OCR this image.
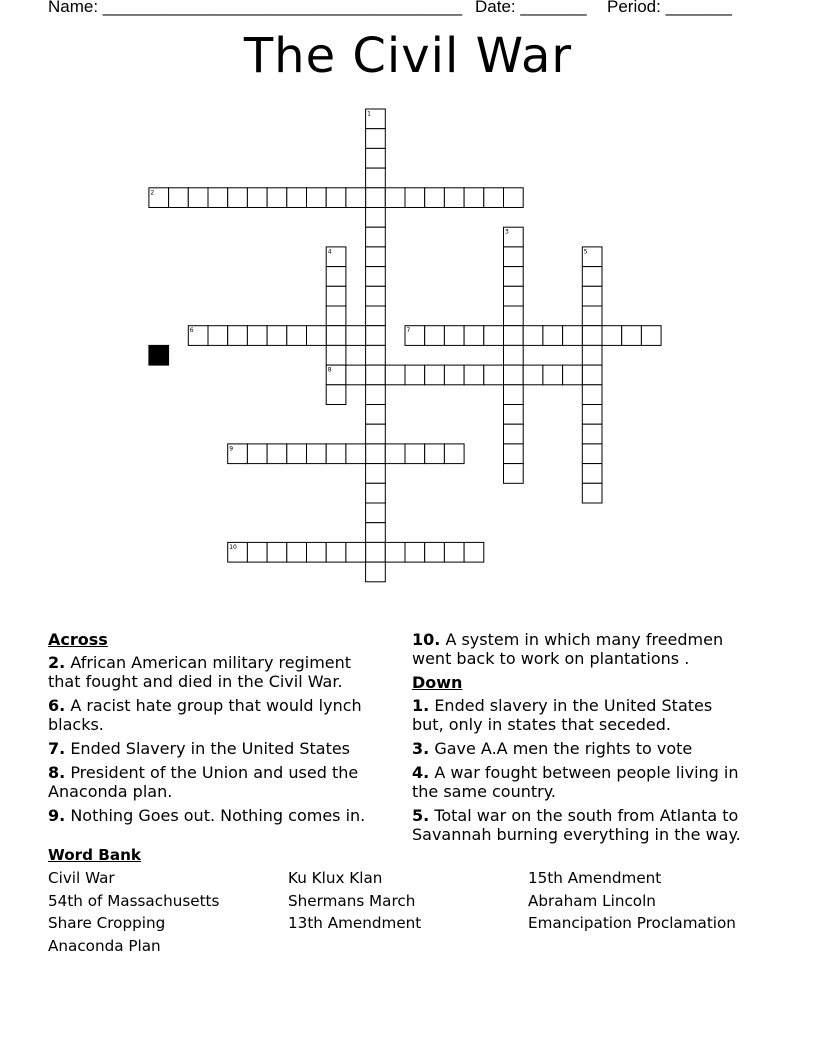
Name: ______________________________________ Date: _______ Period: _______
The Civil War
1
2
3
4	5
6	7
8
9
10
Across
2. African American military regiment that fought and died in the Civil War.
6. A racist hate group that would lynch blacks.
7. Ended Slavery in the United States
8. President of the Union and used the Anaconda plan.
9. Nothing Goes out. Nothing comes in.
10. A system in which many freedmen went back to work on plantations .
Down
1. Ended slavery in the United States but, only in states that seceded.
3. Gave A.A men the rights to vote
4. A war fought between people living in the same country.
5. Total war on the south from Atlanta to Savannah burning everything in the way.
Word Bank
Civil War
54th of Massachusetts
Share Cropping
Anaconda Plan
Ku Klux Klan
Shermans March
13th Amendment
15th Amendment
Abraham Lincoln
Emancipation Proclamation
